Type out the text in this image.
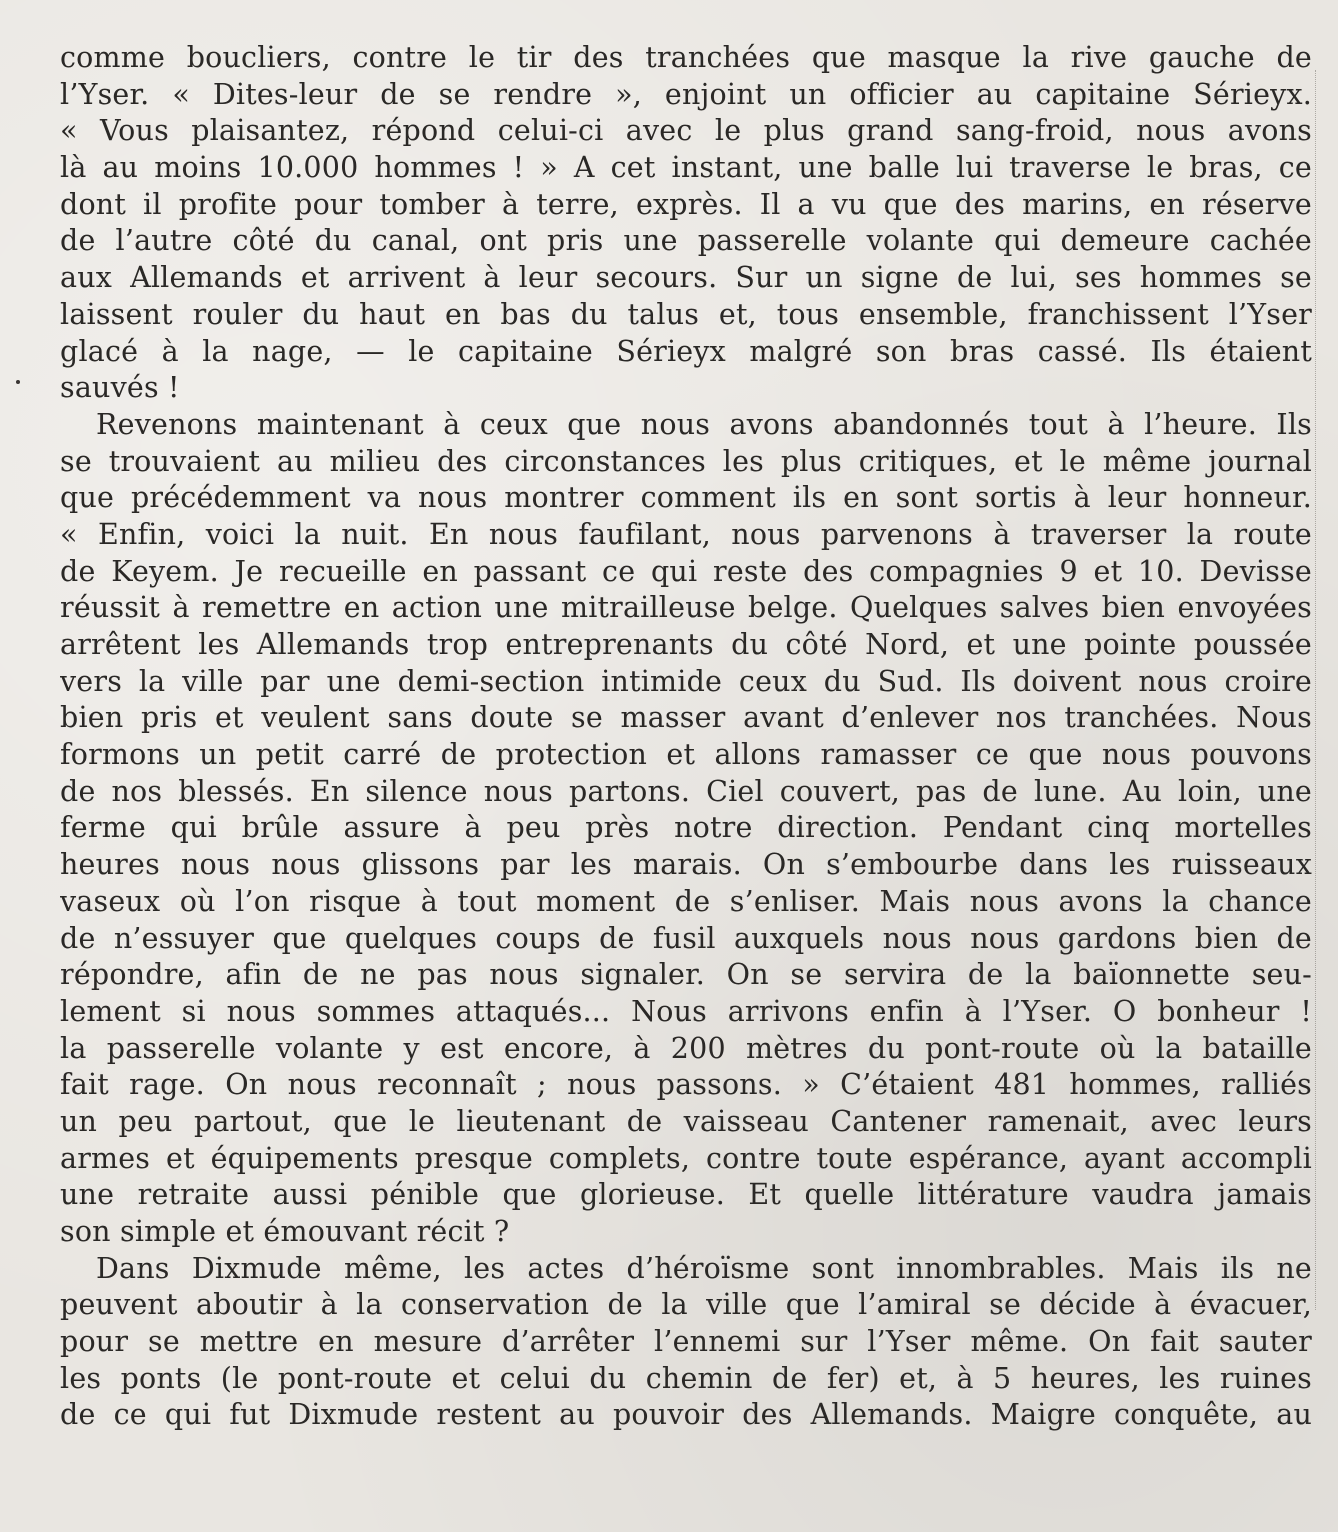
comme boucliers, contre le tir des tranchées que masque la rive gauche de
l’Yser. « Dites-leur de se rendre », enjoint un officier au capitaine Sérieyx.
« Vous plaisantez, répond celui-ci avec le plus grand sang-froid, nous avons
là au moins 10.000 hommes ! » A cet instant, une balle lui traverse le bras, ce
dont il profite pour tomber à terre, exprès. Il a vu que des marins, en réserve
de l’autre côté du canal, ont pris une passerelle volante qui demeure cachée
aux Allemands et arrivent à leur secours. Sur un signe de lui, ses hommes se
laissent rouler du haut en bas du talus et, tous ensemble, franchissent l’Yser
glacé à la nage, — le capitaine Sérieyx malgré son bras cassé. Ils étaient
sauvés !
Revenons maintenant à ceux que nous avons abandonnés tout à l’heure. Ils
se trouvaient au milieu des circonstances les plus critiques, et le même journal
que précédemment va nous montrer comment ils en sont sortis à leur honneur.
« Enfin, voici la nuit. En nous faufilant, nous parvenons à traverser la route
de Keyem. Je recueille en passant ce qui reste des compagnies 9 et 10. Devisse
réussit à remettre en action une mitrailleuse belge. Quelques salves bien envoyées
arrêtent les Allemands trop entreprenants du côté Nord, et une pointe poussée
vers la ville par une demi-section intimide ceux du Sud. Ils doivent nous croire
bien pris et veulent sans doute se masser avant d’enlever nos tranchées. Nous
formons un petit carré de protection et allons ramasser ce que nous pouvons
de nos blessés. En silence nous partons. Ciel couvert, pas de lune. Au loin, une
ferme qui brûle assure à peu près notre direction. Pendant cinq mortelles
heures nous nous glissons par les marais. On s’embourbe dans les ruisseaux
vaseux où l’on risque à tout moment de s’enliser. Mais nous avons la chance
de n’essuyer que quelques coups de fusil auxquels nous nous gardons bien de
répondre, afin de ne pas nous signaler. On se servira de la baïonnette seu-
lement si nous sommes attaqués... Nous arrivons enfin à l’Yser. O bonheur !
la passerelle volante y est encore, à 200 mètres du pont-route où la bataille
fait rage. On nous reconnaît ; nous passons. » C’étaient 481 hommes, ralliés
un peu partout, que le lieutenant de vaisseau Cantener ramenait, avec leurs
armes et équipements presque complets, contre toute espérance, ayant accompli
une retraite aussi pénible que glorieuse. Et quelle littérature vaudra jamais
son simple et émouvant récit ?
Dans Dixmude même, les actes d’héroïsme sont innombrables. Mais ils ne
peuvent aboutir à la conservation de la ville que l’amiral se décide à évacuer,
pour se mettre en mesure d’arrêter l’ennemi sur l’Yser même. On fait sauter
les ponts (le pont-route et celui du chemin de fer) et, à 5 heures, les ruines
de ce qui fut Dixmude restent au pouvoir des Allemands. Maigre conquête, au
